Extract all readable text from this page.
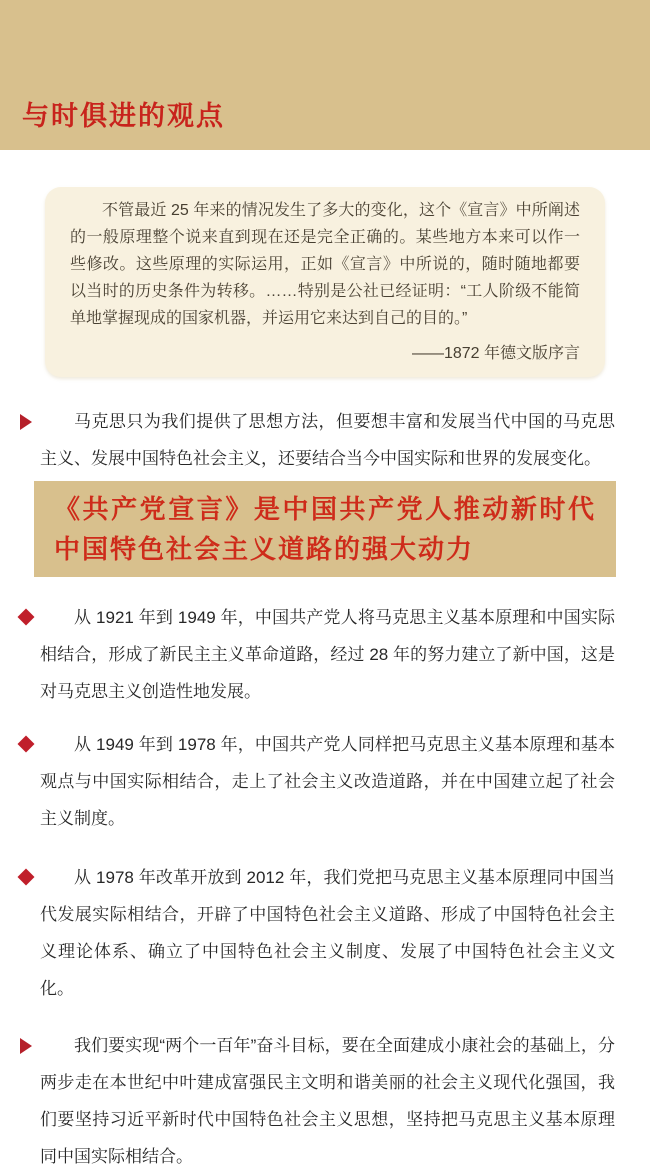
与时俱进的观点

不管最近 25 年来的情况发生了多大的变化，这个《宣言》中所阐述的一般原理整个说来直到现在还是完全正确的。某些地方本来可以作一些修改。这些原理的实际运用，正如《宣言》中所说的，随时随地都要以当时的历史条件为转移。……特别是公社已经证明：“工人阶级不能简单地掌握现成的国家机器，并运用它来达到自己的目的。”

——1872 年德文版序言

马克思只为我们提供了思想方法，但要想丰富和发展当代中国的马克思主义、发展中国特色社会主义，还要结合当今中国实际和世界的发展变化。

《共产党宣言》是中国共产党人推动新时代中国特色社会主义道路的强大动力

从 1921 年到 1949 年，中国共产党人将马克思主义基本原理和中国实际相结合，形成了新民主主义革命道路，经过 28 年的努力建立了新中国，这是对马克思主义创造性地发展。

从 1949 年到 1978 年，中国共产党人同样把马克思主义基本原理和基本观点与中国实际相结合，走上了社会主义改造道路，并在中国建立起了社会主义制度。

从 1978 年改革开放到 2012 年，我们党把马克思主义基本原理同中国当代发展实际相结合，开辟了中国特色社会主义道路、形成了中国特色社会主义理论体系、确立了中国特色社会主义制度、发展了中国特色社会主义文化。

我们要实现“两个一百年”奋斗目标，要在全面建成小康社会的基础上，分两步走在本世纪中叶建成富强民主文明和谐美丽的社会主义现代化强国，我们要坚持习近平新时代中国特色社会主义思想，坚持把马克思主义基本原理同中国实际相结合。
